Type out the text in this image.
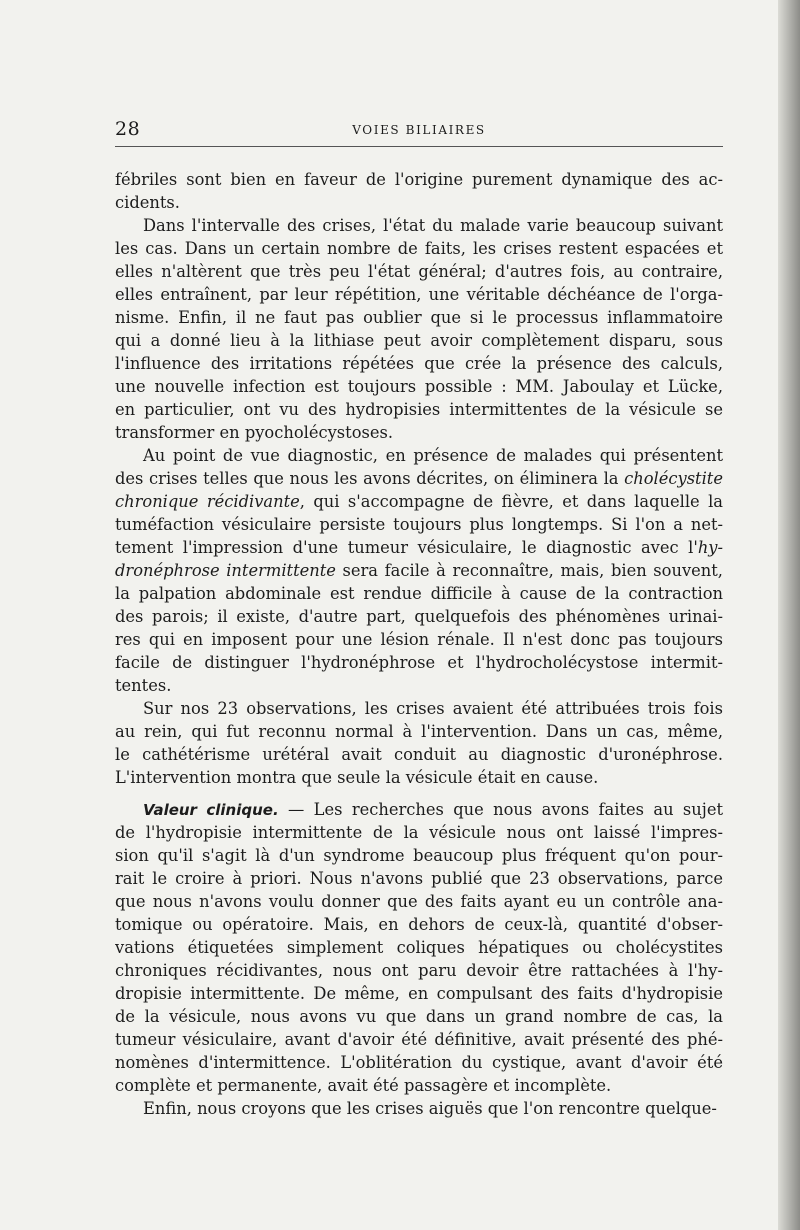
28	VOIES BILIAIRES
fébriles sont bien en faveur de l'origine purement dynamique des ac-
cidents.
Dans l'intervalle des crises, l'état du malade varie beaucoup suivant
les cas. Dans un certain nombre de faits, les crises restent espacées et
elles n'altèrent que très peu l'état général; d'autres fois, au contraire,
elles entraînent, par leur répétition, une véritable déchéance de l'orga-
nisme. Enfin, il ne faut pas oublier que si le processus inflammatoire
qui a donné lieu à la lithiase peut avoir complètement disparu, sous
l'influence des irritations répétées que crée la présence des calculs,
une nouvelle infection est toujours possible : MM. Jaboulay et Lücke,
en particulier, ont vu des hydropisies intermittentes de la vésicule se
transformer en pyocholécystoses.
Au point de vue diagnostic, en présence de malades qui présentent
des crises telles que nous les avons décrites, on éliminera la cholécystite
chronique récidivante, qui s'accompagne de fièvre, et dans laquelle la
tuméfaction vésiculaire persiste toujours plus longtemps. Si l'on a net-
tement l'impression d'une tumeur vésiculaire, le diagnostic avec l'hy-
dronéphrose intermittente sera facile à reconnaître, mais, bien souvent,
la palpation abdominale est rendue difficile à cause de la contraction
des parois; il existe, d'autre part, quelquefois des phénomènes urinai-
res qui en imposent pour une lésion rénale. Il n'est donc pas toujours
facile de distinguer l'hydronéphrose et l'hydrocholécystose intermit-
tentes.
Sur nos 23 observations, les crises avaient été attribuées trois fois
au rein, qui fut reconnu normal à l'intervention. Dans un cas, même,
le cathétérisme urétéral avait conduit au diagnostic d'uronéphrose.
L'intervention montra que seule la vésicule était en cause.
Valeur clinique. — Les recherches que nous avons faites au sujet
de l'hydropisie intermittente de la vésicule nous ont laissé l'impres-
sion qu'il s'agit là d'un syndrome beaucoup plus fréquent qu'on pour-
rait le croire à priori. Nous n'avons publié que 23 observations, parce
que nous n'avons voulu donner que des faits ayant eu un contrôle ana-
tomique ou opératoire. Mais, en dehors de ceux-là, quantité d'obser-
vations étiquetées simplement coliques hépatiques ou cholécystites
chroniques récidivantes, nous ont paru devoir être rattachées à l'hy-
dropisie intermittente. De même, en compulsant des faits d'hydropisie
de la vésicule, nous avons vu que dans un grand nombre de cas, la
tumeur vésiculaire, avant d'avoir été définitive, avait présenté des phé-
nomènes d'intermittence. L'oblitération du cystique, avant d'avoir été
complète et permanente, avait été passagère et incomplète.
Enfin, nous croyons que les crises aiguës que l'on rencontre quelque-
